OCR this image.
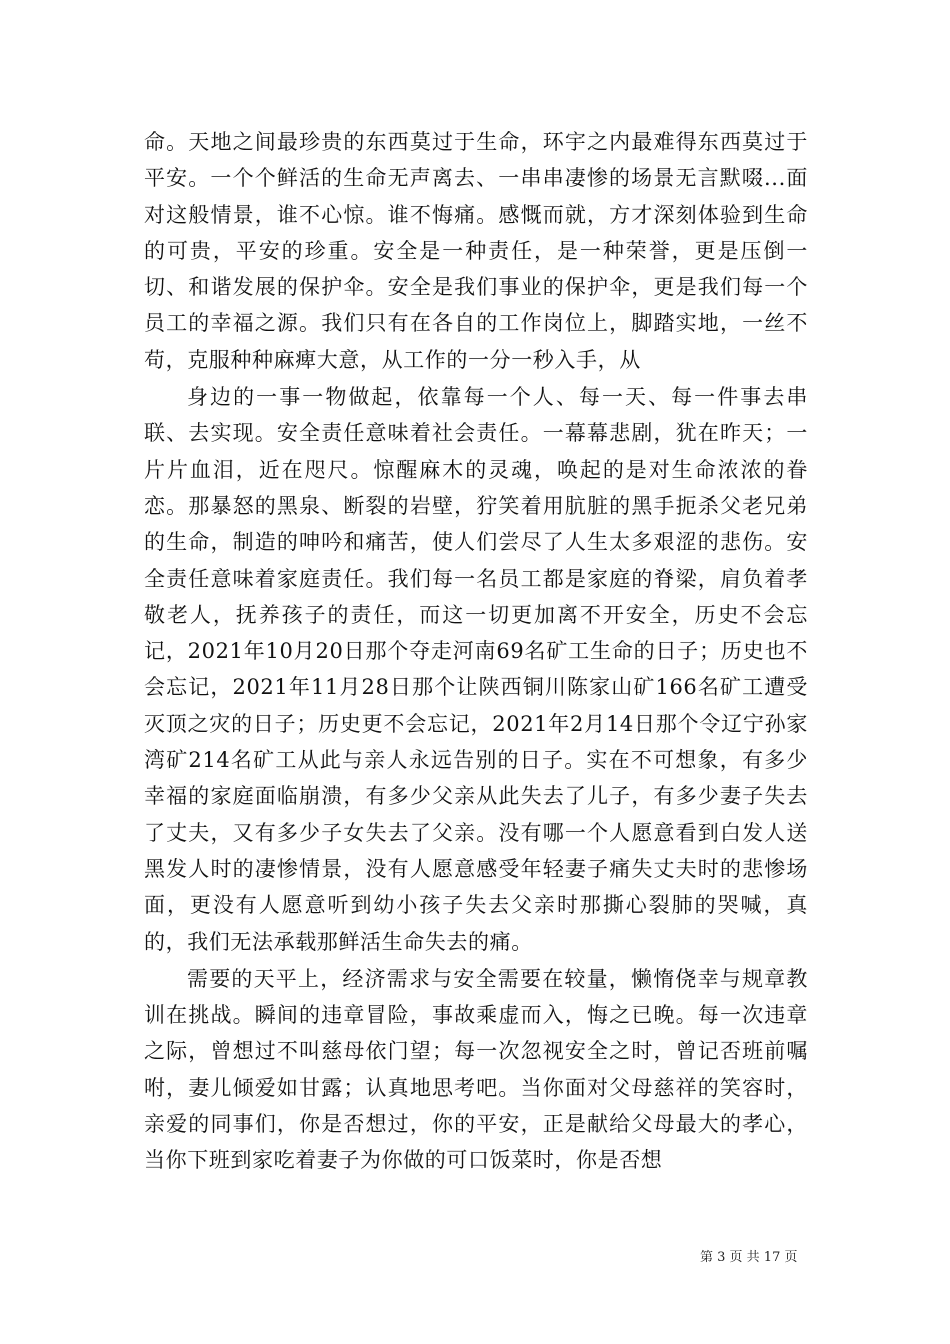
命。天地之间最珍贵的东西莫过于生命，环宇之内最难得东西莫过于平安。一个个鲜活的生命无声离去、一串串凄惨的场景无言默啜...面对这般情景，谁不心惊。谁不悔痛。感慨而就，方才深刻体验到生命的可贵，平安的珍重。安全是一种责任，是一种荣誉，更是压倒一切、和谐发展的保护伞。安全是我们事业的保护伞，更是我们每一个员工的幸福之源。我们只有在各自的工作岗位上，脚踏实地，一丝不苟，克服种种麻痺大意，从工作的一分一秒入手，从

身边的一事一物做起，依靠每一个人、每一天、每一件事去串联、去实现。安全责任意味着社会责任。一幕幕悲剧，犹在昨天；一片片血泪，近在咫尺。惊醒麻木的灵魂，唤起的是对生命浓浓的眷恋。那暴怒的黑泉、断裂的岩壁，狞笑着用肮脏的黑手扼杀父老兄弟的生命，制造的呻吟和痛苦，使人们尝尽了人生太多艰涩的悲伤。安全责任意味着家庭责任。我们每一名员工都是家庭的脊梁，肩负着孝敬老人，抚养孩子的责任，而这一切更加离不开安全，历史不会忘记，2021年10月20日那个夺走河南69名矿工生命的日子；历史也不会忘记，2021年11月28日那个让陕西铜川陈家山矿166名矿工遭受灭顶之灾的日子；历史更不会忘记，2021年2月14日那个令辽宁孙家湾矿214名矿工从此与亲人永远告别的日子。实在不可想象，有多少幸福的家庭面临崩溃，有多少父亲从此失去了儿子，有多少妻子失去了丈夫，又有多少子女失去了父亲。没有哪一个人愿意看到白发人送黑发人时的凄惨情景，没有人愿意感受年轻妻子痛失丈夫时的悲惨场面，更没有人愿意听到幼小孩子失去父亲时那撕心裂肺的哭喊，真的，我们无法承载那鲜活生命失去的痛。

需要的天平上，经济需求与安全需要在较量，懒惰侥幸与规章教训在挑战。瞬间的违章冒险，事故乘虚而入，悔之已晚。每一次违章之际，曾想过不叫慈母依门望；每一次忽视安全之时，曾记否班前嘱咐，妻儿倾爱如甘露；认真地思考吧。当你面对父母慈祥的笑容时，亲爱的同事们，你是否想过，你的平安，正是献给父母最大的孝心，当你下班到家吃着妻子为你做的可口饭菜时，你是否想

第 3 页 共 17 页
